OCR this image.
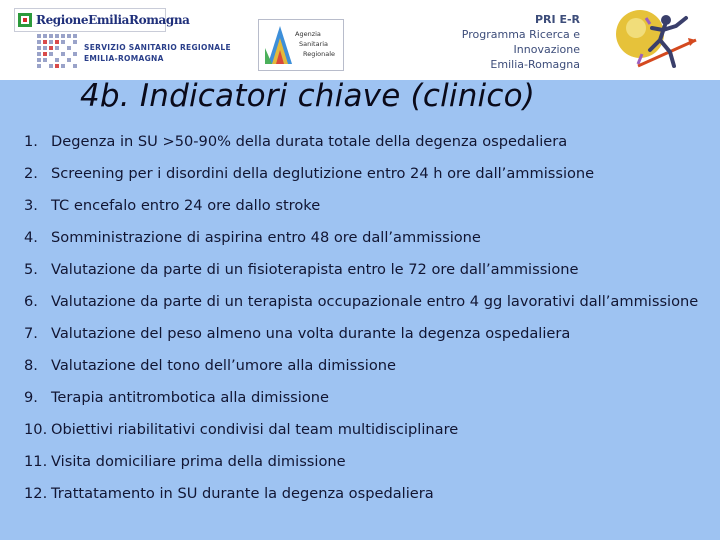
RegioneEmiliaRomagna
SERVIZIO SANITARIO REGIONALE
EMILIA-ROMAGNA
Agenzia
Sanitaria
Regionale
PRI E-R
Programma Ricerca e
Innovazione
Emilia-Romagna
4b. Indicatori chiave (clinico)
1. Degenza in SU >50-90% della durata totale della degenza ospedaliera
2. Screening per i disordini della deglutizione entro 24 h ore dall’ammissione
3. TC encefalo entro 24 ore dallo stroke
4. Somministrazione di aspirina entro 48 ore dall’ammissione
5. Valutazione da parte di un fisioterapista entro le 72 ore dall’ammissione
6. Valutazione da parte di un terapista occupazionale entro 4 gg lavorativi dall’ammissione
7. Valutazione del peso almeno una volta durante la degenza ospedaliera
8. Valutazione del tono dell’umore alla dimissione
9. Terapia antitrombotica alla dimissione
10. Obiettivi riabilitativi condivisi dal team multidisciplinare
11. Visita domiciliare prima della dimissione
12. Trattatamento in SU durante la degenza ospedaliera
